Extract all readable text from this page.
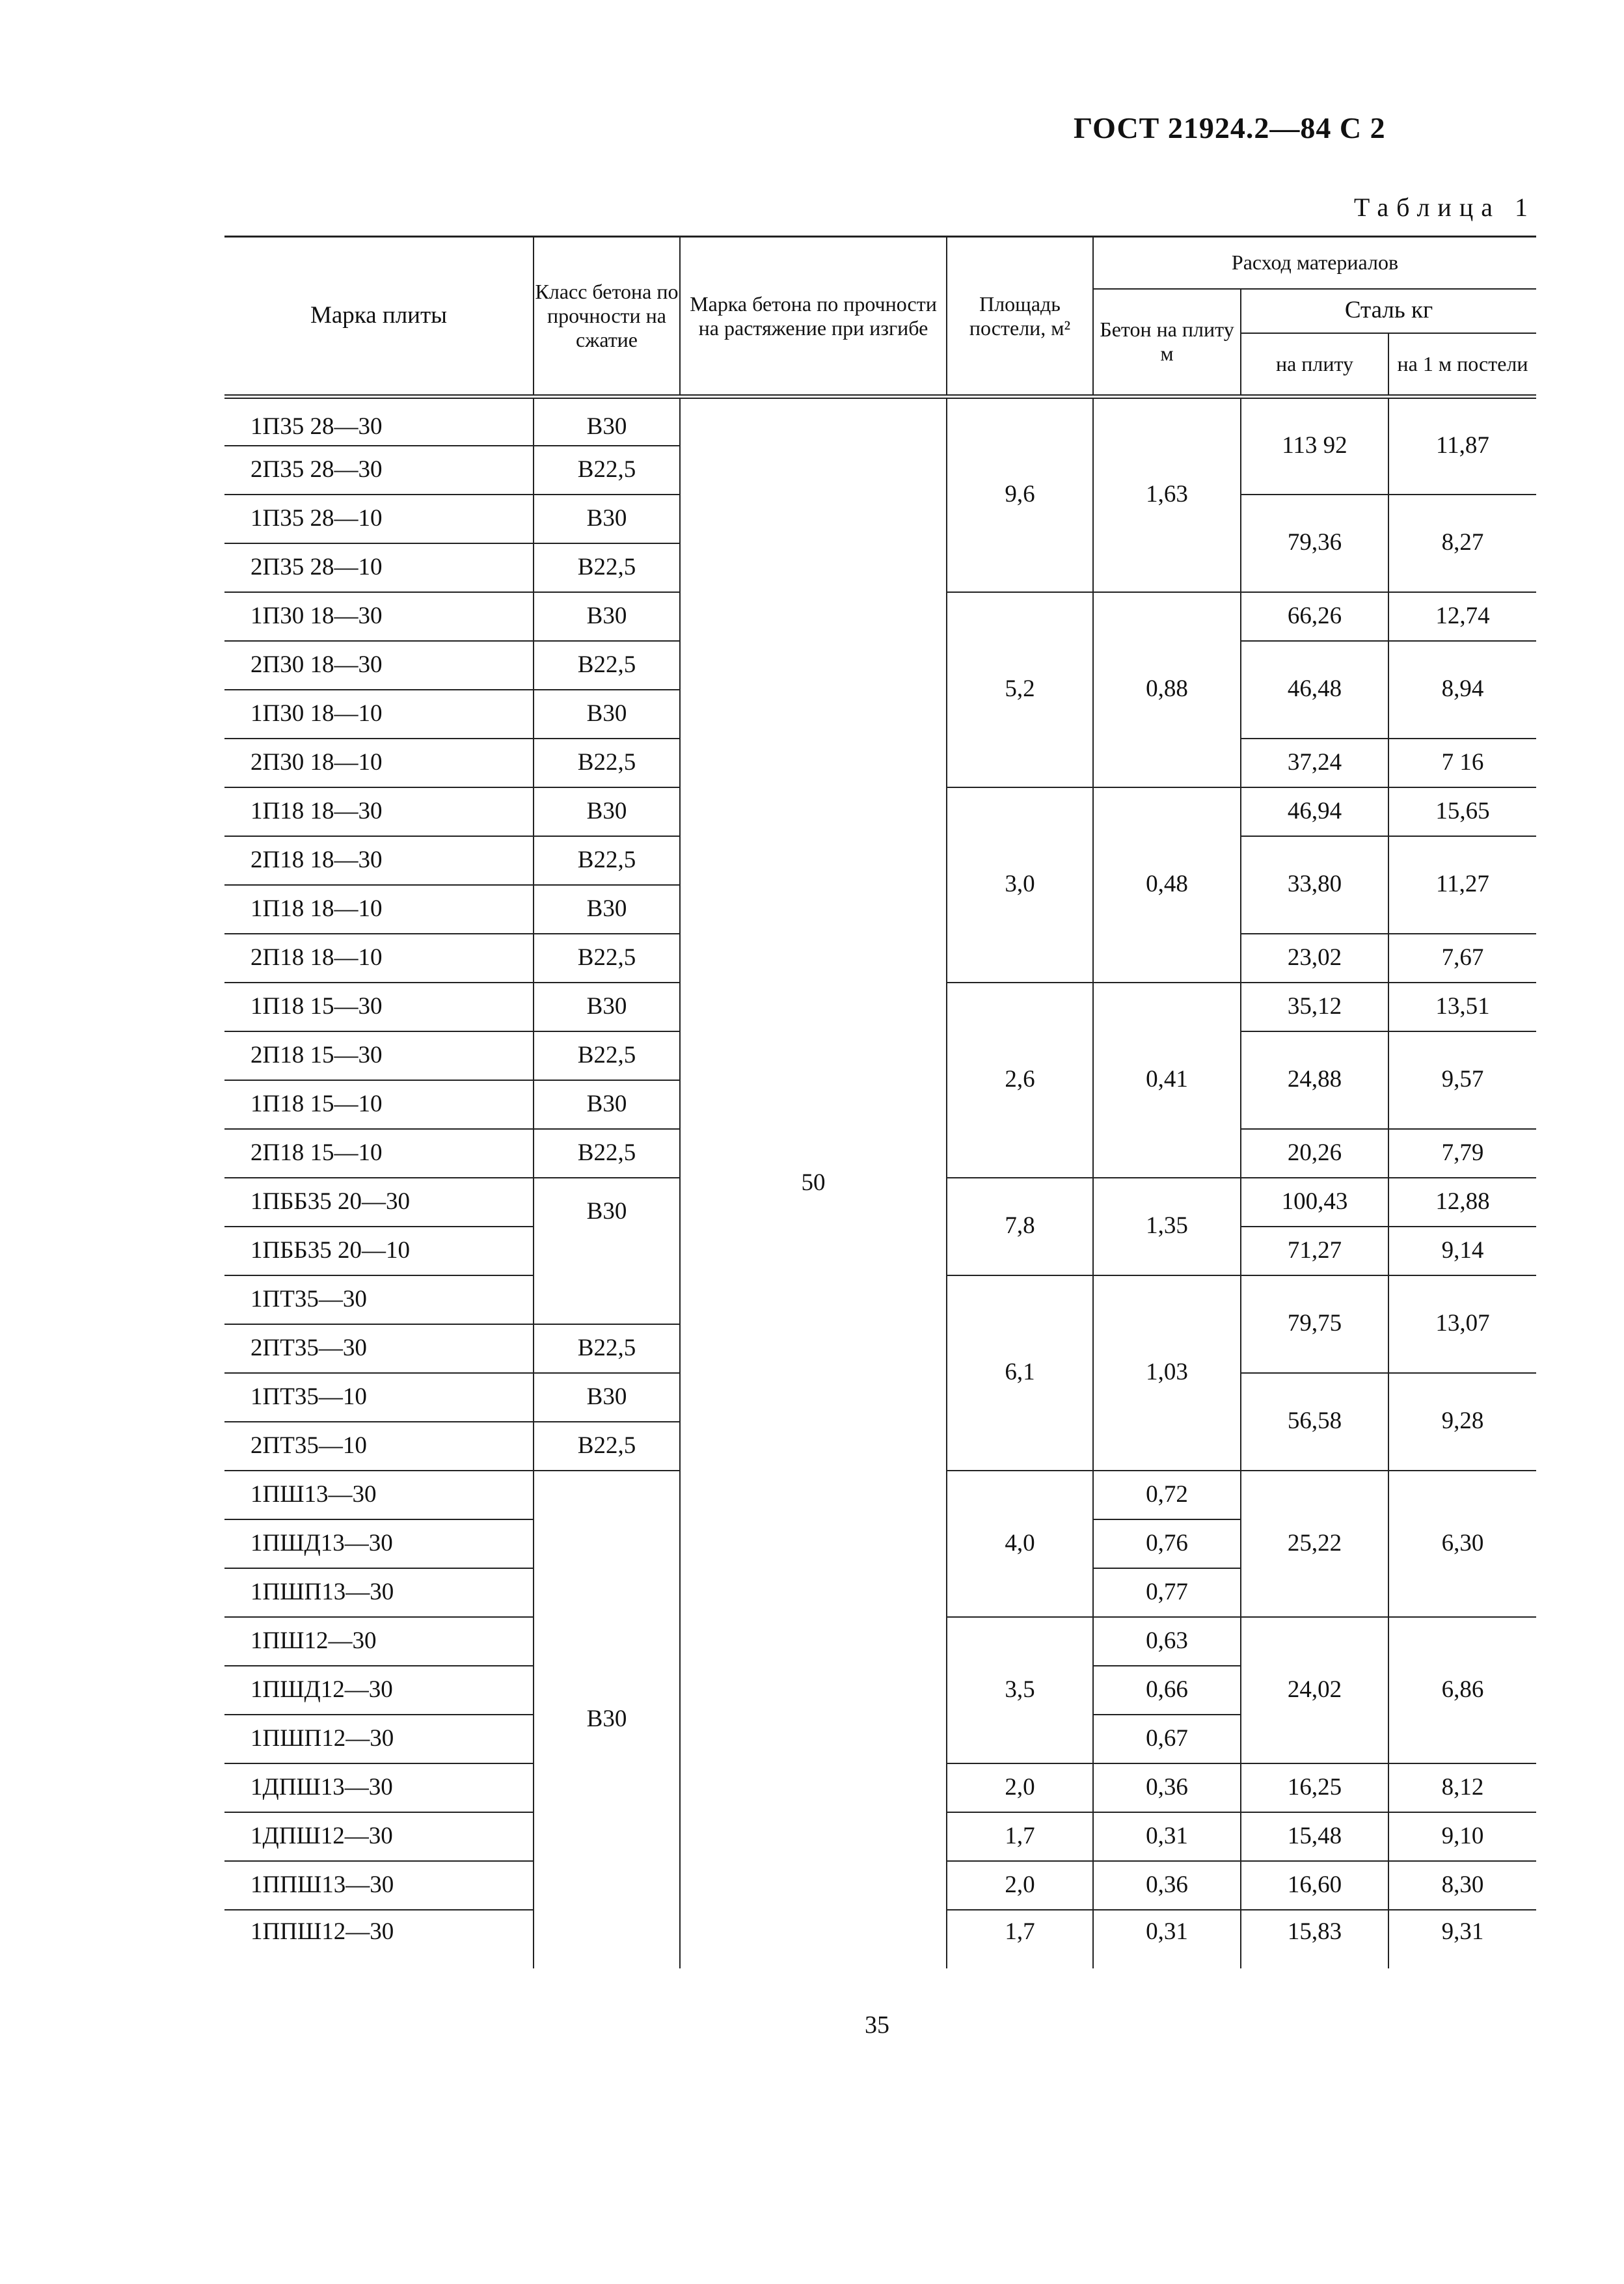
ГОСТ 21924.2—84 С 2
Таблица 1
Марка плиты	Класс бетона по прочности на сжатие	Марка бетона по прочности на растяжение при изгибе	Площадь постели, м²	Расход материалов		
				Бетон на плиту м	Сталь кг	
					на плиту	на 1 м постели
1П35 28—30	В30	50	9,6	1,63	113 92	11,87
2П35 28—30	В22,5					
1П35 28—10	В30				79,36	8,27
2П35 28—10	В22,5					
1П30 18—30	В30		5,2	0,88	66,26	12,74
2П30 18—30	В22,5				46,48	8,94
1П30 18—10	В30					
2П30 18—10	В22,5				37,24	7 16
1П18 18—30	В30		3,0	0,48	46,94	15,65
2П18 18—30	В22,5				33,80	11,27
1П18 18—10	В30					
2П18 18—10	В22,5				23,02	7,67
1П18 15—30	В30		2,6	0,41	35,12	13,51
2П18 15—30	В22,5				24,88	9,57
1П18 15—10	В30					
2П18 15—10	В22,5				20,26	7,79
1ПББ35 20—30	В30		7,8	1,35	100,43	12,88
1ПББ35 20—10					71,27	9,14
1ПТ35—30			6,1	1,03	79,75	13,07
2ПТ35—30	В22,5					
1ПТ35—10	В30				56,58	9,28
2ПТ35—10	В22,5					
1ПШ13—30	В30		4,0	0,72	25,22	6,30
1ПШД13—30				0,76		
1ПШП13—30				0,77		
1ПШ12—30			3,5	0,63	24,02	6,86
1ПШД12—30				0,66		
1ПШП12—30				0,67		
1ДПШ13—30			2,0	0,36	16,25	8,12
1ДПШ12—30			1,7	0,31	15,48	9,10
1ППШ13—30			2,0	0,36	16,60	8,30
1ППШ12—30			1,7	0,31	15,83	9,31
35
